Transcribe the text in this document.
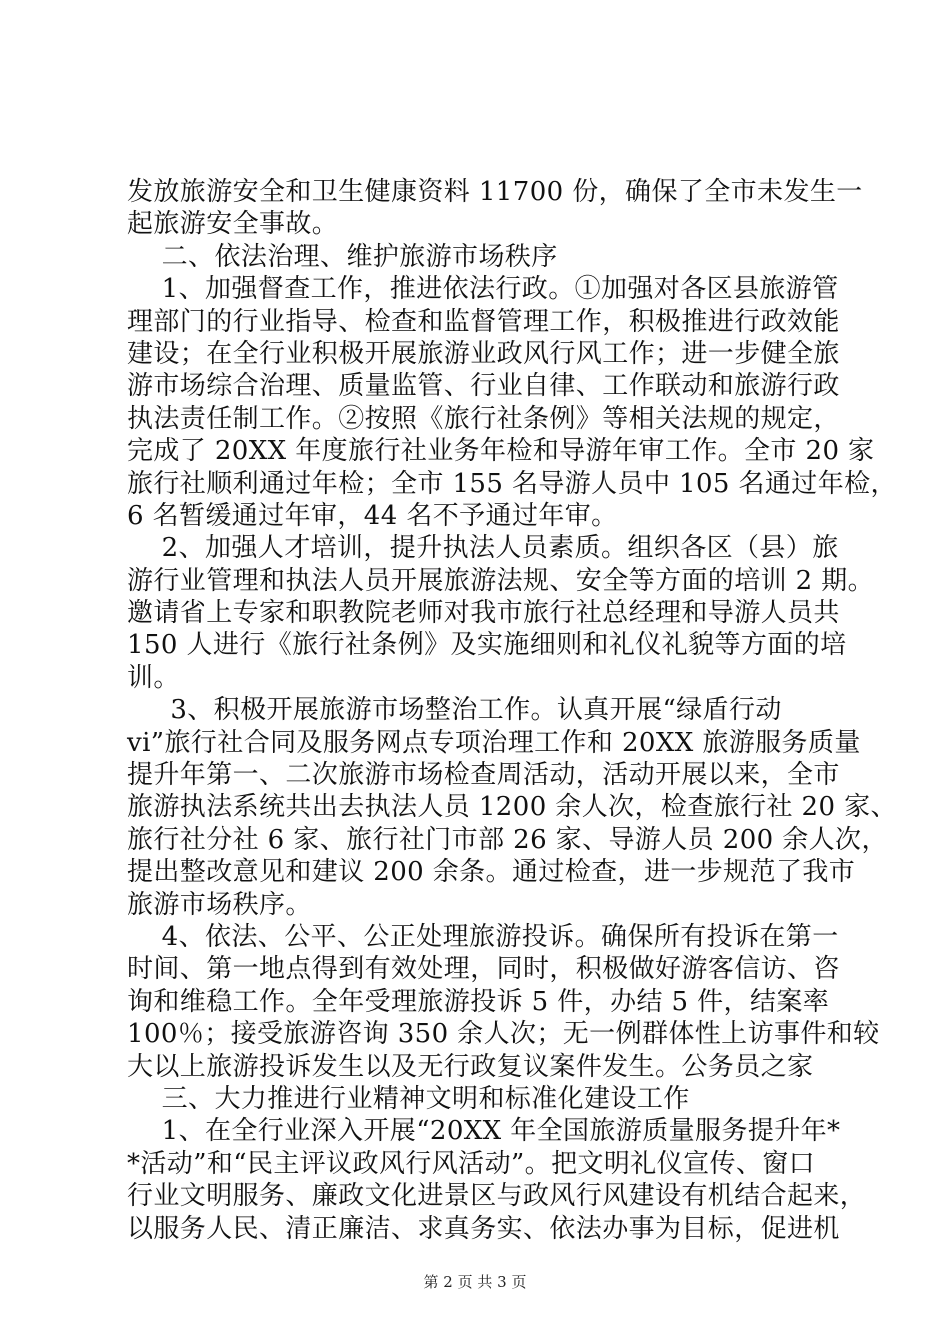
发放旅游安全和卫生健康资料 11700 份，确保了全市未发生一
起旅游安全事故。
二、依法治理、维护旅游市场秩序
1、加强督查工作，推进依法行政。①加强对各区县旅游管
理部门的行业指导、检查和监督管理工作，积极推进行政效能
建设；在全行业积极开展旅游业政风行风工作；进一步健全旅
游市场综合治理、质量监管、行业自律、工作联动和旅游行政
执法责任制工作。②按照《旅行社条例》等相关法规的规定，
完成了 20XX 年度旅行社业务年检和导游年审工作。全市 20 家
旅行社顺利通过年检；全市 155 名导游人员中 105 名通过年检，
6 名暂缓通过年审，44 名不予通过年审。
2、加强人才培训，提升执法人员素质。组织各区（县）旅
游行业管理和执法人员开展旅游法规、安全等方面的培训 2 期。
邀请省上专家和职教院老师对我市旅行社总经理和导游人员共
150 人进行《旅行社条例》及实施细则和礼仪礼貌等方面的培
训。
3、积极开展旅游市场整治工作。认真开展“绿盾行动
vi”旅行社合同及服务网点专项治理工作和 20XX 旅游服务质量
提升年第一、二次旅游市场检查周活动，活动开展以来，全市
旅游执法系统共出去执法人员 1200 余人次，检查旅行社 20 家、
旅行社分社 6 家、旅行社门市部 26 家、导游人员 200 余人次，
提出整改意见和建议 200 余条。通过检查，进一步规范了我市
旅游市场秩序。
4、依法、公平、公正处理旅游投诉。确保所有投诉在第一
时间、第一地点得到有效处理，同时，积极做好游客信访、咨
询和维稳工作。全年受理旅游投诉 5 件，办结 5 件，结案率
100％；接受旅游咨询 350 余人次；无一例群体性上访事件和较
大以上旅游投诉发生以及无行政复议案件发生。公务员之家
三、大力推进行业精神文明和标准化建设工作
1、在全行业深入开展“20XX 年全国旅游质量服务提升年*
*活动”和“民主评议政风行风活动”。把文明礼仪宣传、窗口
行业文明服务、廉政文化进景区与政风行风建设有机结合起来，
以服务人民、清正廉洁、求真务实、依法办事为目标，促进机
第 2 页 共 3 页
